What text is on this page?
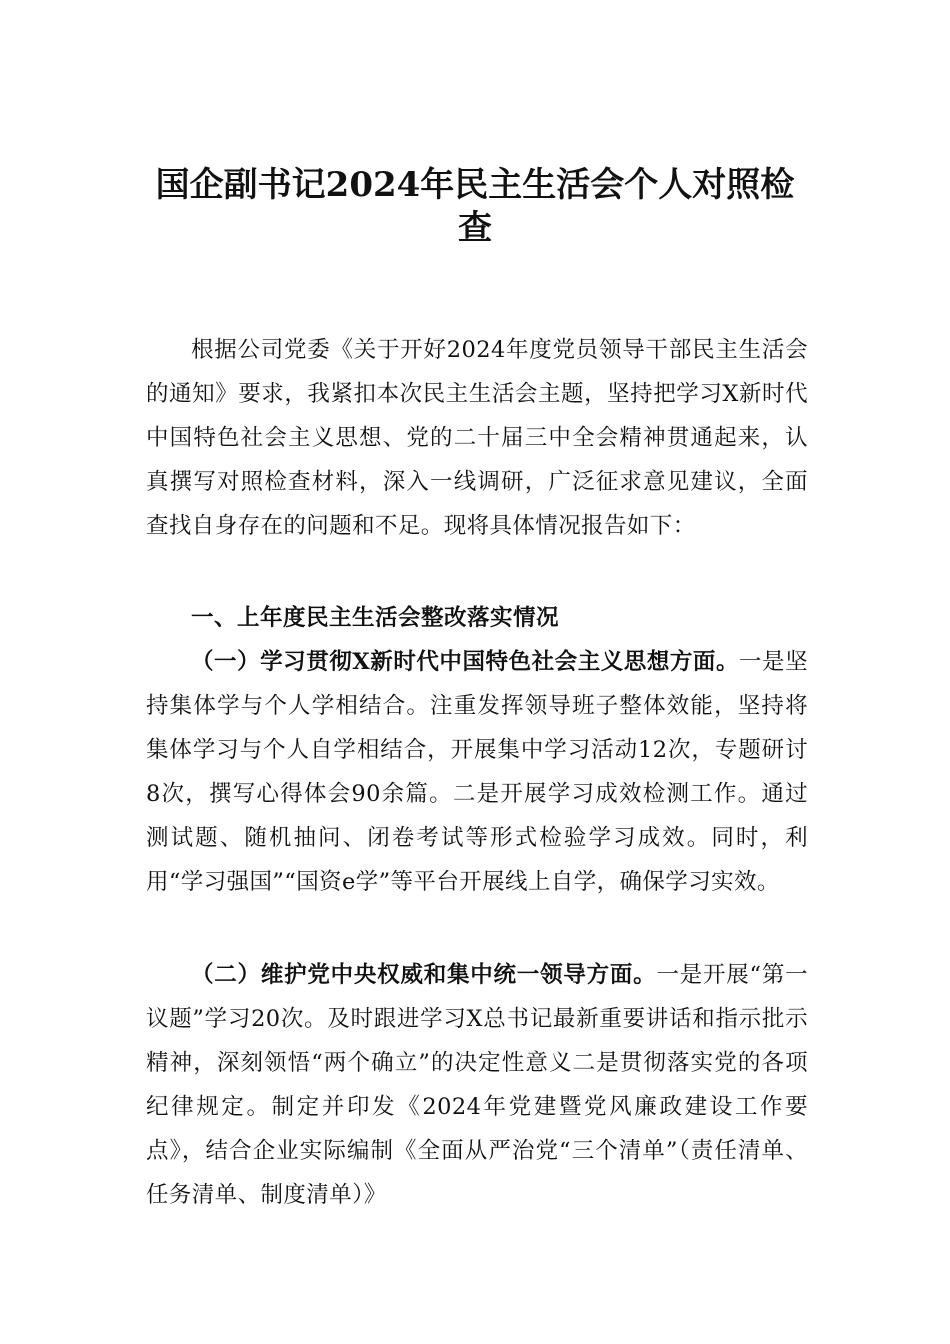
国企副书记2024年民主生活会个人对照检
查

根据公司党委《关于开好2024年度党员领导干部民主生活会的通知》要求，我紧扣本次民主生活会主题，坚持把学习X新时代中国特色社会主义思想、党的二十届三中全会精神贯通起来，认真撰写对照检查材料，深入一线调研，广泛征求意见建议，全面查找自身存在的问题和不足。现将具体情况报告如下：

一、上年度民主生活会整改落实情况

（一）学习贯彻X新时代中国特色社会主义思想方面。一是坚持集体学与个人学相结合。注重发挥领导班子整体效能，坚持将集体学习与个人自学相结合，开展集中学习活动12次，专题研讨8次，撰写心得体会90余篇。二是开展学习成效检测工作。通过测试题、随机抽问、闭卷考试等形式检验学习成效。同时，利用“学习强国”“国资e学”等平台开展线上自学，确保学习实效。

（二）维护党中央权威和集中统一领导方面。一是开展“第一议题”学习20次。及时跟进学习X总书记最新重要讲话和指示批示精神，深刻领悟“两个确立”的决定性意义二是贯彻落实党的各项纪律规定。制定并印发《2024年党建暨党风廉政建设工作要点》，结合企业实际编制《全面从严治党“三个清单”（责任清单、任务清单、制度清单）》
